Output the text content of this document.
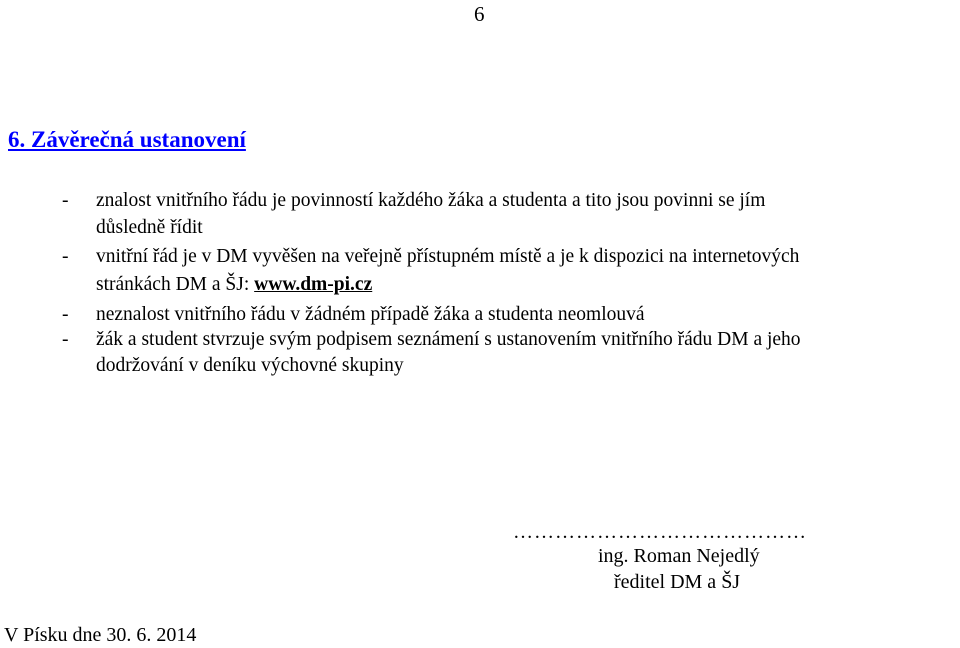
6
6. Závěrečná ustanovení
- znalost vnitřního řádu je povinností každého žáka a studenta a tito jsou povinni se jím
důsledně řídit
- vnitřní řád je v DM vyvěšen na veřejně přístupném místě a je k dispozici na internetových
stránkách DM a ŠJ: www.dm-pi.cz
- neznalost vnitřního řádu v žádném případě žáka a studenta neomlouvá
- žák a student stvrzuje svým podpisem seznámení s ustanovením vnitřního řádu DM a jeho
dodržování v deníku výchovné skupiny
……………………………………
ing. Roman Nejedlý
ředitel DM a ŠJ
V Písku dne 30. 6. 2014
